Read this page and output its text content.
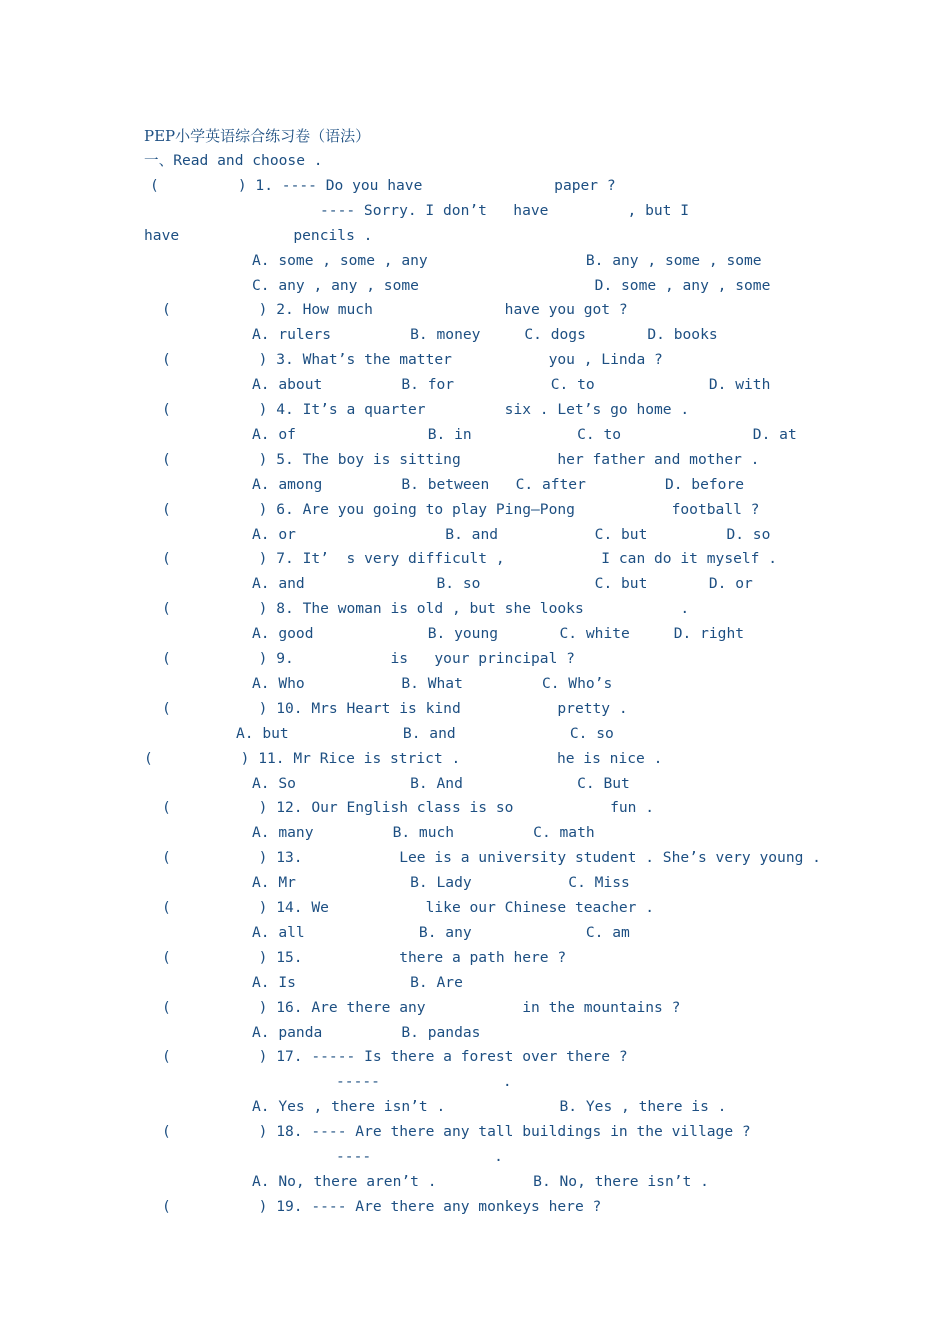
PEP小学英语综合练习卷（语法）
一、Read and choose .
(         ) 1. ---- Do you have               paper ?
---- Sorry. I don’t   have         , but I
have             pencils .
A. some , some , any                  B. any , some , some
C. any , any , some                    D. some , any , some
(          ) 2. How much               have you got ?
A. rulers         B. money     C. dogs       D. books
(          ) 3. What’s the matter           you , Linda ?
A. about         B. for           C. to             D. with
(          ) 4. It’s a quarter         six . Let’s go home .
A. of               B. in            C. to               D. at
(          ) 5. The boy is sitting           her father and mother .
A. among         B. between   C. after         D. before
(          ) 6. Are you going to play Ping—Pong           football ?
A. or                 B. and           C. but         D. so
(          ) 7. It’  s very difficult ,           I can do it myself .
A. and               B. so             C. but       D. or
(          ) 8. The woman is old , but she looks           .
A. good             B. young       C. white     D. right
(          ) 9.           is   your principal ?
A. Who           B. What         C. Who’s
(          ) 10. Mrs Heart is kind           pretty .
A. but             B. and             C. so
(          ) 11. Mr Rice is strict .           he is nice .
A. So             B. And             C. But
(          ) 12. Our English class is so           fun .
A. many         B. much         C. math
(          ) 13.           Lee is a university student . She’s very young .
A. Mr             B. Lady           C. Miss
(          ) 14. We           like our Chinese teacher .
A. all             B. any             C. am
(          ) 15.           there a path here ?
A. Is             B. Are
(          ) 16. Are there any           in the mountains ?
A. panda         B. pandas
(          ) 17. ----- Is there a forest over there ?
-----              .
A. Yes , there isn’t .             B. Yes , there is .
(          ) 18. ---- Are there any tall buildings in the village ?
----              .
A. No, there aren’t .           B. No, there isn’t .
(          ) 19. ---- Are there any monkeys here ?
